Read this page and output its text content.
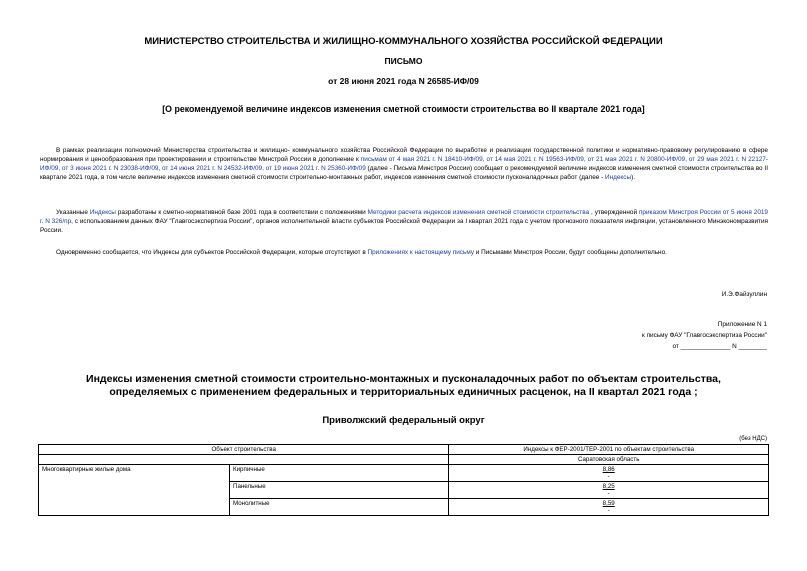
МИНИСТЕРСТВО СТРОИТЕЛЬСТВА И ЖИЛИЩНО-КОММУНАЛЬНОГО ХОЗЯЙСТВА РОССИЙСКОЙ ФЕДЕРАЦИИ
ПИСЬМО
от 28 июня 2021 года N 26585-ИФ/09
[О рекомендуемой величине индексов изменения сметной стоимости строительства во II квартале 2021 года]
В рамках реализации полномочий Министерства строительства и жилищно- коммунального хозяйства Российской Федерации по выработке и реализации государственной политики и нормативно-правовому регулированию в сфере нормирования и ценообразования при проектировании и строительстве Минстрой России в дополнение к письмам от 4 мая 2021 г. N 18410-ИФ/09, от 14 мая 2021 г. N 19563-ИФ/09, от 21 мая 2021 г. N 20800-ИФ/09, от 29 мая 2021 г. N 22127-ИФ/09, от 3 июня 2021 г. N 23038-ИФ/09, от 14 июня 2021 г. N 24532-ИФ/09, от 19 июня 2021 г. N 25360-ИФ/09 (далее - Письма Минстроя России) сообщает о рекомендуемой величине индексов изменения сметной стоимости строительства во II квартале 2021 года, в том числе величине индексов изменения сметной стоимости строительно-монтажных работ, индексов изменения сметной стоимости пусконаладочных работ (далее - Индексы).
Указанные Индексы разработаны к сметно-нормативной базе 2001 года в соответствии с положениями Методики расчета индексов изменения сметной стоимости строительства , утвержденной приказом Минстроя России от 5 июня 2019 г. N 326/пр, с использованием данных ФАУ "Главгосэкспертиза России", органов исполнительной власти субъектов Российской Федерации за I квартал 2021 года с учетом прогнозного показателя инфляции, установленного Минэкономразвития России.
Одновременно сообщается, что Индексы для субъектов Российской Федерации, которые отсутствуют в Приложениях к настоящему письму и Письмами Минстроя России, будут сообщены дополнительно.
И.Э.Файзуллин
Приложение N 1
к письму ФАУ "Главгосэкспертиза России"
от ______________ N ________
Индексы изменения сметной стоимости строительно-монтажных и пусконаладочных работ по объектам строительства, определяемых с применением федеральных и территориальных единичных расценок, на II квартал 2021 года ;
Приволжский федеральный округ
(без НДС)
Объект строительства		Индексы к ФЕР-2001/ТЕР-2001 по объектам строительства
		Саратовская область
Многоквартирные жилые дома	Кирпичные	8,86
-

	Панельные	8,25
-

	Монолитные	8,59
-
